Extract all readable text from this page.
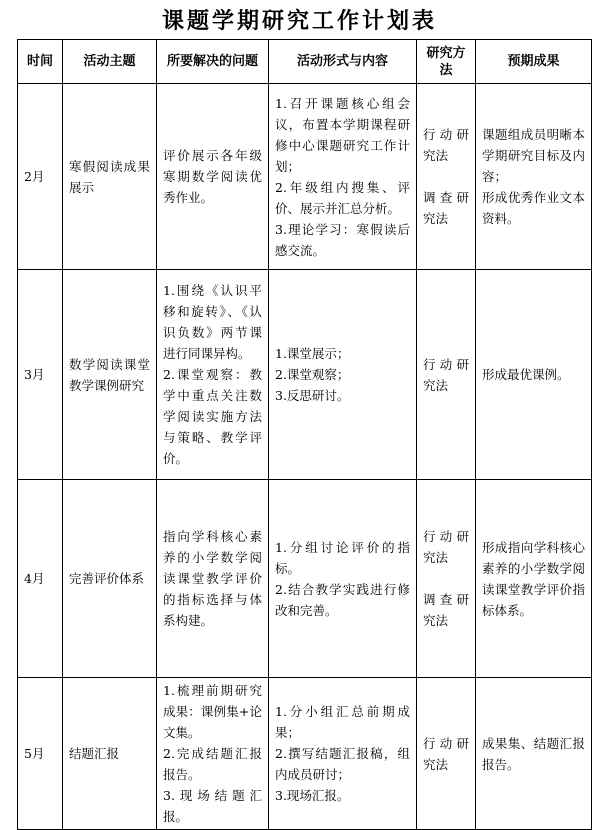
课题学期研究工作计划表
时间	活动主题	所要解决的问题	活动形式与内容	研究方法	预期成果
2月	寒假阅读成果展示	评价展示各年级寒期数学阅读优秀作业。	1.召开课题核心组会议，布置本学期课程研修中心课题研究工作计划；
2.年级组内搜集、评价、展示并汇总分析。
3.理论学习：寒假读后感交流。	行动研究法
调查研究法	课题组成员明晰本学期研究目标及内容；
形成优秀作业文本资料。

3月	数学阅读课堂教学课例研究	1.围绕《认识平移和旋转》、《认识负数》两节课进行同课异构。
2.课堂观察：教学中重点关注数学阅读实施方法与策略、教学评价。	1.课堂展示；
2.课堂观察；
3.反思研讨。	行动研究法	形成最优课例。

4月	完善评价体系	指向学科核心素养的小学数学阅读课堂教学评价的指标选择与体系构建。	1.分组讨论评价的指标。
2.结合教学实践进行修改和完善。	行动研究法
调查研究法	形成指向学科核心素养的小学数学阅读课堂教学评价指标体系。

5月	结题汇报	1.梳理前期研究成果：课例集+论文集。
2.完成结题汇报报告。
3.现场结题汇报。	1.分小组汇总前期成果；
2.撰写结题汇报稿，组内成员研讨；
3.现场汇报。	行动研究法	成果集、结题汇报报告。
